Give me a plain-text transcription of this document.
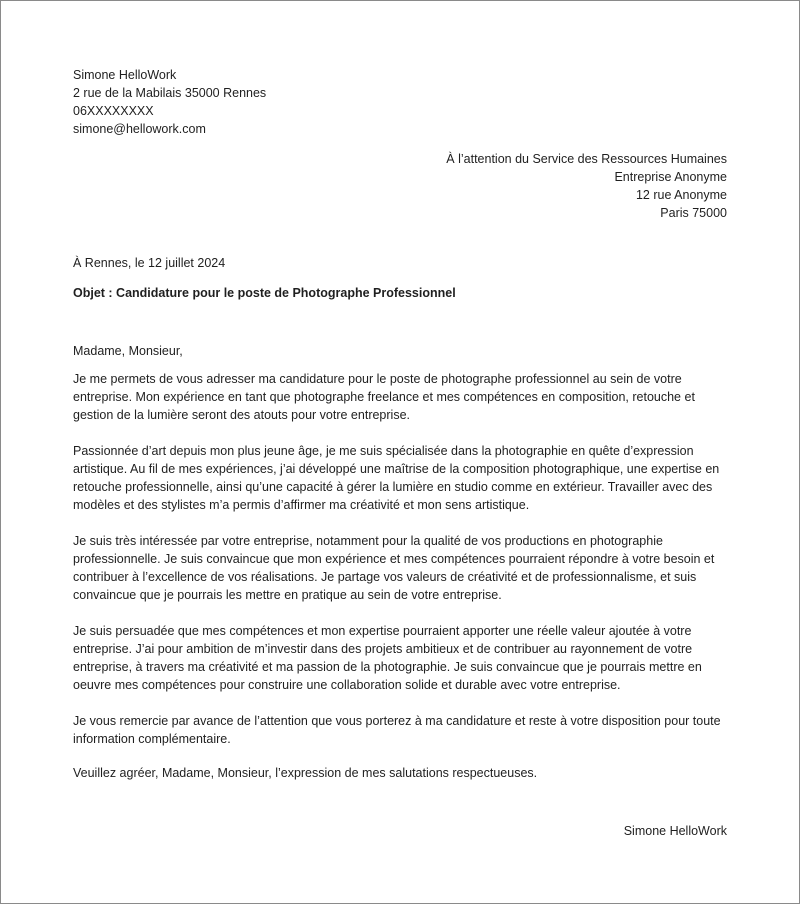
Simone HelloWork
2 rue de la Mabilais 35000 Rennes
06XXXXXXXX
simone@hellowork.com
À l’attention du Service des Ressources Humaines
Entreprise Anonyme
12 rue Anonyme
Paris 75000
À Rennes, le 12 juillet 2024
Objet : Candidature pour le poste de Photographe Professionnel

Madame, Monsieur,

Je me permets de vous adresser ma candidature pour le poste de photographe professionnel au sein de votre entreprise. Mon expérience en tant que photographe freelance et mes compétences en composition, retouche et gestion de la lumière seront des atouts pour votre entreprise.

Passionnée d’art depuis mon plus jeune âge, je me suis spécialisée dans la photographie en quête d’expression artistique. Au fil de mes expériences, j’ai développé une maîtrise de la composition photographique, une expertise en retouche professionnelle, ainsi qu’une capacité à gérer la lumière en studio comme en extérieur. Travailler avec des modèles et des stylistes m’a permis d’affirmer ma créativité et mon sens artistique.

Je suis très intéressée par votre entreprise, notamment pour la qualité de vos productions en photographie professionnelle. Je suis convaincue que mon expérience et mes compétences pourraient répondre à votre besoin et contribuer à l’excellence de vos réalisations. Je partage vos valeurs de créativité et de professionnalisme, et suis convaincue que je pourrais les mettre en pratique au sein de votre entreprise.

Je suis persuadée que mes compétences et mon expertise pourraient apporter une réelle valeur ajoutée à votre entreprise. J’ai pour ambition de m’investir dans des projets ambitieux et de contribuer au rayonnement de votre entreprise, à travers ma créativité et ma passion de la photographie. Je suis convaincue que je pourrais mettre en oeuvre mes compétences pour construire une collaboration solide et durable avec votre entreprise.

Je vous remercie par avance de l’attention que vous porterez à ma candidature et reste à votre disposition pour toute information complémentaire.

Veuillez agréer, Madame, Monsieur, l’expression de mes salutations respectueuses.

Simone HelloWork
